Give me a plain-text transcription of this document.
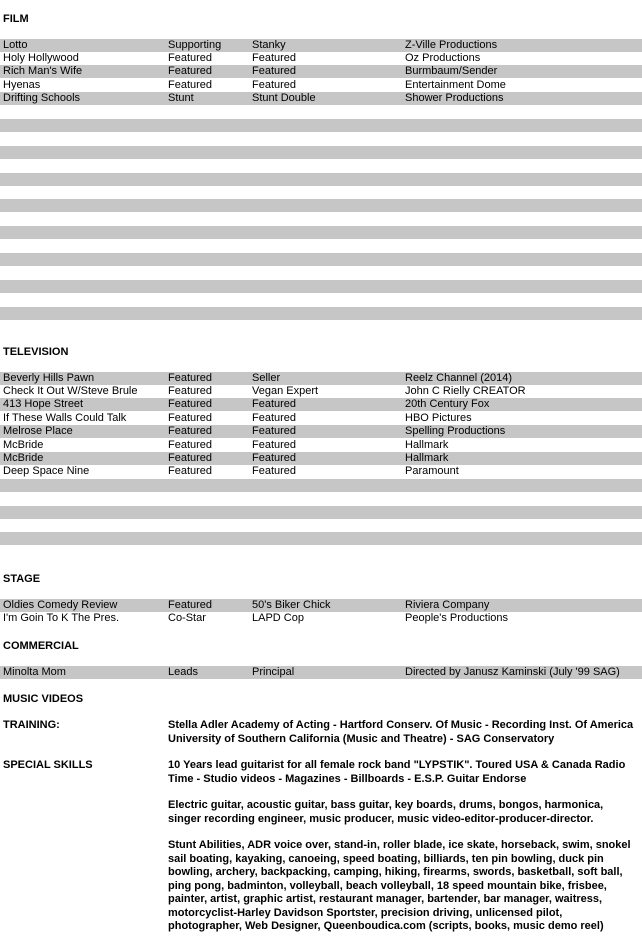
FILM
Lotto	Supporting	Stanky	Z-Ville Productions
Holy Hollywood	Featured	Featured	Oz Productions
Rich Man's Wife	Featured	Featured	Burmbaum/Sender
Hyenas	Featured	Featured	Entertainment Dome
Drifting Schools	Stunt	Stunt Double	Shower Productions
TELEVISION
Beverly Hills Pawn	Featured	Seller	Reelz Channel (2014)
Check It Out W/Steve Brule	Featured	Vegan Expert	John C Rielly CREATOR
413 Hope Street	Featured	Featured	20th Century Fox
If These Walls Could Talk	Featured	Featured	HBO Pictures
Melrose Place	Featured	Featured	Spelling Productions
McBride	Featured	Featured	Hallmark
McBride	Featured	Featured	Hallmark
Deep Space Nine	Featured	Featured	Paramount
STAGE
Oldies Comedy Review	Featured	50's Biker Chick	Riviera Company
I'm Goin To K The Pres.	Co-Star	LAPD Cop	People's Productions
COMMERCIAL
Minolta Mom	Leads	Principal	Directed by Janusz Kaminski (July '99 SAG)
MUSIC VIDEOS
TRAINING:	Stella Adler Academy of Acting - Hartford Conserv. Of Music - Recording Inst. Of America University of Southern California (Music and Theatre) - SAG Conservatory
SPECIAL SKILLS	10 Years lead guitarist for all female rock band "LYPSTIK". Toured USA & Canada Radio Time - Studio videos - Magazines - Billboards - E.S.P. Guitar Endorse
Electric guitar, acoustic guitar, bass guitar, key boards, drums, bongos, harmonica, singer recording engineer, music producer, music video-editor-producer-director.
Stunt Abilities, ADR voice over, stand-in, roller blade, ice skate, horseback, swim, snokel sail boating, kayaking, canoeing, speed boating, billiards, ten pin bowling, duck pin bowling, archery, backpacking, camping, hiking, firearms, swords, basketball, soft ball, ping pong, badminton, volleyball, beach volleyball, 18 speed mountain bike, frisbee, painter, artist, graphic artist, restaurant manager, bartender, bar manager, waitress, motorcyclist-Harley Davidson Sportster, precision driving, unlicensed pilot, photographer, Web Designer, Queenboudica.com (scripts, books, music demo reel)
